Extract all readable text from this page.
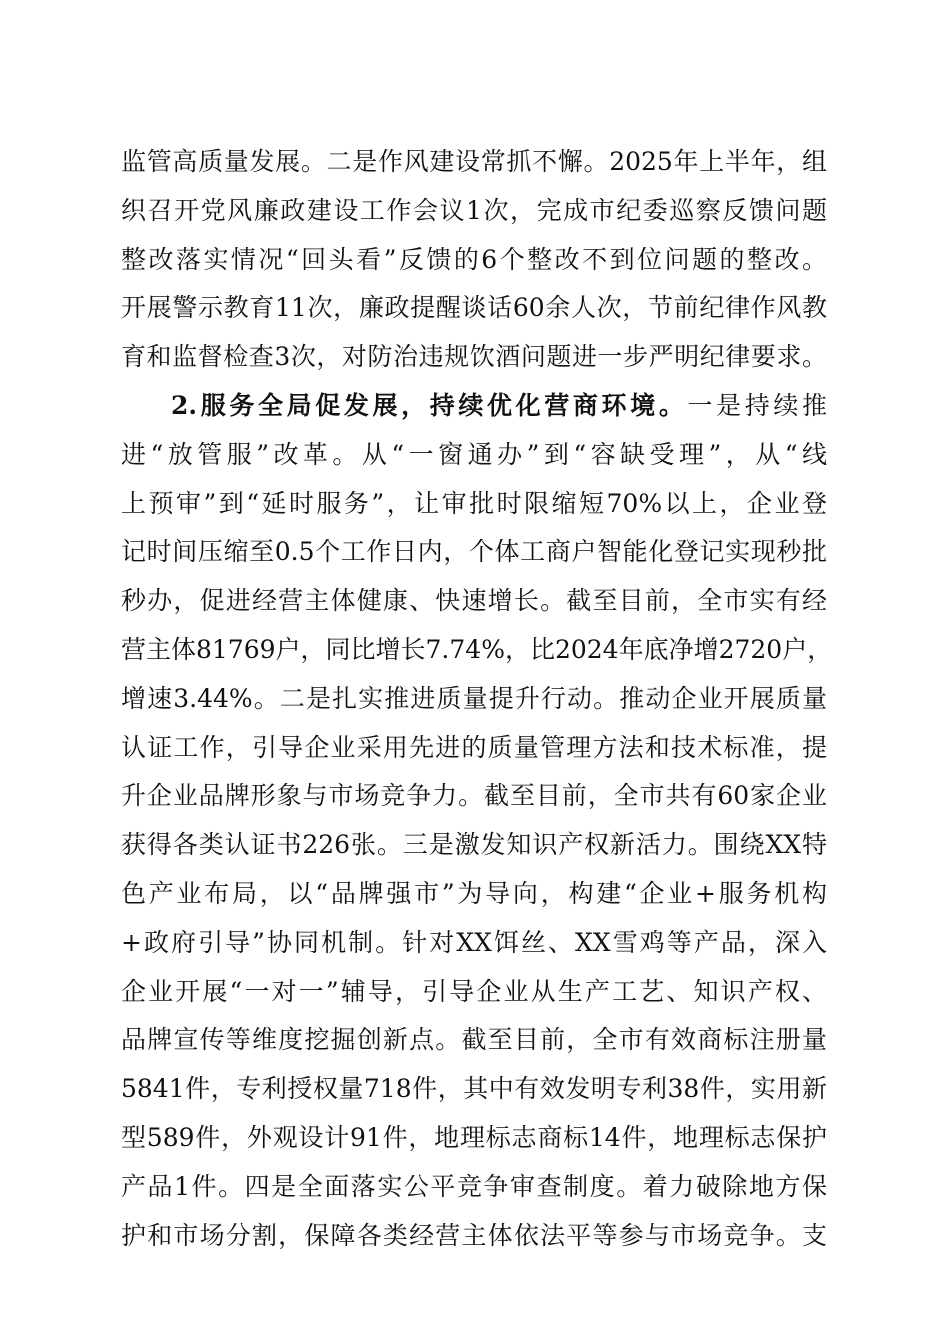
监管高质量发展。二是作风建设常抓不懈。2025年上半年，组
织召开党风廉政建设工作会议1次，完成市纪委巡察反馈问题
整改落实情况“回头看”反馈的6个整改不到位问题的整改。
开展警示教育11次，廉政提醒谈话60余人次，节前纪律作风教
育和监督检查3次，对防治违规饮酒问题进一步严明纪律要求。
2.服务全局促发展，持续优化营商环境。一是持续推
进“放管服”改革。从“一窗通办”到“容缺受理”，从“线
上预审”到“延时服务”，让审批时限缩短70%以上，企业登
记时间压缩至0.5个工作日内，个体工商户智能化登记实现秒批
秒办，促进经营主体健康、快速增长。截至目前，全市实有经
营主体81769户，同比增长7.74%，比2024年底净增2720户，
增速3.44%。二是扎实推进质量提升行动。推动企业开展质量
认证工作，引导企业采用先进的质量管理方法和技术标准，提
升企业品牌形象与市场竞争力。截至目前，全市共有60家企业
获得各类认证书226张。三是激发知识产权新活力。围绕XX特
色产业布局，以“品牌强市”为导向，构建“企业+服务机构
+政府引导”协同机制。针对XX饵丝、XX雪鸡等产品，深入
企业开展“一对一”辅导，引导企业从生产工艺、知识产权、
品牌宣传等维度挖掘创新点。截至目前，全市有效商标注册量
5841件，专利授权量718件，其中有效发明专利38件，实用新
型589件，外观设计91件，地理标志商标14件，地理标志保护
产品1件。四是全面落实公平竞争审查制度。着力破除地方保
护和市场分割，保障各类经营主体依法平等参与市场竞争。支
